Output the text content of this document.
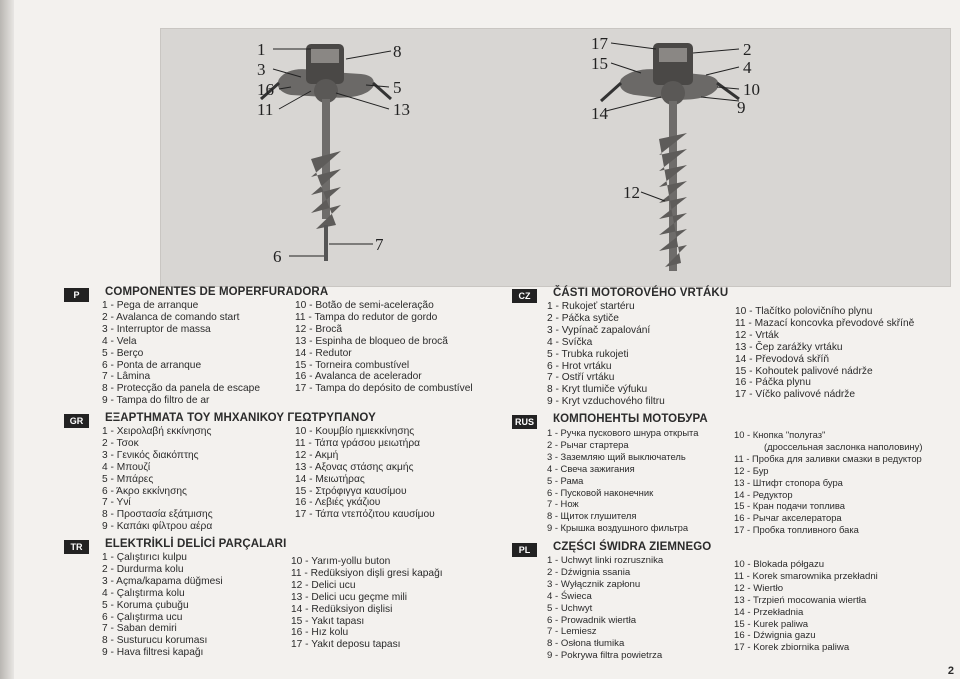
1
3
16
11
8
5
13
6
7
17
15
14
2
4
10
9
12
P	COMPONENTES DE MOPERFURADORA
1 - Pega de arranque
2 - Avalanca de comando start
3 - Interruptor de massa
4 - Vela
5 - Berço
6 - Ponta de arranque
7 - Lâmina
8 - Protecção da panela de escape
9 - Tampa do filtro de ar
10 - Botão de semi-aceleração
11 - Tampa do redutor de gordo
12 - Brocã
13 - Espinha de bloqueo de brocã
14 - Redutor
15 - Torneira combustível
16 - Avalanca de acelerador
17 - Tampa do depósito de combustível
GR	ΕΞΑΡΤΗΜΑΤΑ ΤΟΥ ΜΗΧΑΝΙΚΟΥ ΓΕΩΤΡΥΠΑΝΟΥ
1 - Χειρολαβή εκκίνησης
2 - Τσοκ
3 - Γενικός διακόπτης
4 - Μπουζί
5 - Μπάρες
6 - Άκρο εκκίνησης
7 - Υνί
8 - Προστασία εξάτμισης
9 - Καπάκι φίλτρου αέρα
10 - Κουμβίο ημιεκκίνησης
11 - Τάπα γράσου μειωτήρα
12 - Ακμή
13 - Αξονας στάσης ακμής
14 - Μειωτήρας
15 - Στρόφιγγα καυσίμου
16 - Λεβιές γκάζιου
17 - Τάπα ντεπόζιτου καυσίμου
TR	ELEKTRİKLİ DELİCİ PARÇALARI
1 - Çalıştırıcı kulpu
2 - Durdurma kolu
3 - Açma/kapama düğmesi
4 - Çalıştırma kolu
5 - Koruma çubuğu
6 - Çalıştırma ucu
7 - Saban demiri
8 - Susturucu koruması
9 - Hava filtresi kapağı
10 - Yarım-yollu buton
11 - Redüksiyon dişli gresi kapağı
12 - Delici ucu
13 - Delici ucu geçme mili
14 - Redüksiyon dişlisi
15 - Yakıt tapası
16 - Hız kolu
17 - Yakıt deposu tapası
CZ	ČÁSTI MOTOROVÉHO VRTÁKU
1 - Rukojeť startéru
2 - Páčka sytiče
3 - Vypínač zapalování
4 - Svíčka
5 - Trubka rukojeti
6 - Hrot vrtáku
7 - Ostří vrtáku
8 - Kryt tlumiče výfuku
9 - Kryt vzduchového filtru
10 - Tlačítko polovičního plynu
11 - Mazací koncovka převodové skříně
12 - Vrták
13 - Čep zarážky vrtáku
14 - Převodová skříň
15 - Kohoutek palivové nádrže
16 - Páčka plynu
17 - Víčko palivové nádrže
RUS КОМПОНЕНТЫ МОТОБУРА
1 - Ручка пускового шнура открыта
2 - Рычаг стартера
3 - Заземляю щий выключатель
4 - Свеча зажигания
5 - Рама
6 - Пусковой наконечник
7 - Нож
8 - Щиток глушителя
9 - Крышка воздушного фильтра
10 - Кнопка "полугаз"
(дроссельная заслонка наполовину)
11 - Пробка для заливки смазки в редуктор
12 - Бур
13 - Штифт стопора бура
14 - Редуктор
15 - Кран подачи топлива
16 - Рычаг акселератора
17 - Пробка топливного бака
PL	CZĘŚCI ŚWIDRA ZIEMNEGO
1 - Uchwyt linki rozrusznika
2 - Dźwignia ssania
3 - Wyłącznik zapłonu
4 - Świeca
5 - Uchwyt
6 - Prowadnik wiertła
7 - Lemiesz
8 - Osłona tłumika
9 - Pokrywa filtra powietrza
10 - Blokada półgazu
11 - Korek smarownika przekładni
12 - Wiertło
13 - Trzpień mocowania wiertła
14 - Przekładnia
15 - Kurek paliwa
16 - Dźwignia gazu
17 - Korek zbiornika paliwa
2
